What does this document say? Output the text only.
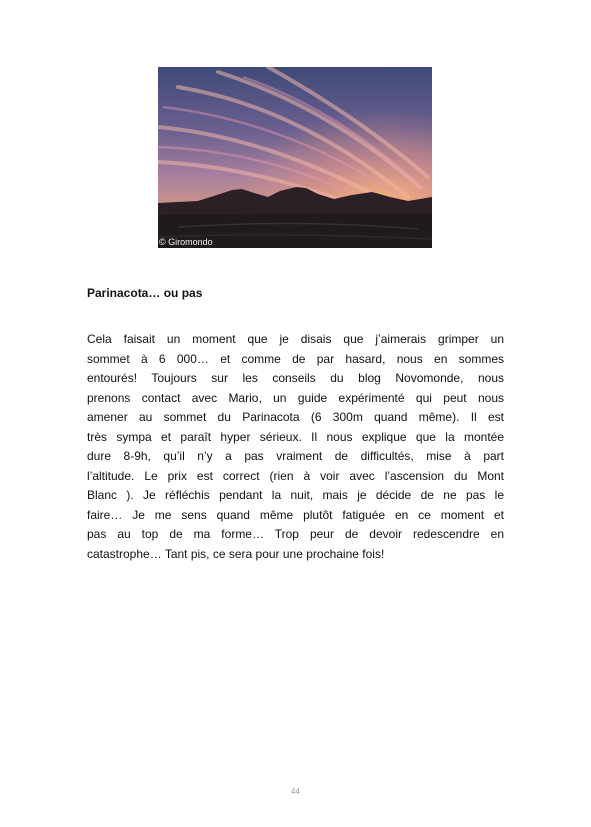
© Giromondo
Parinacota… ou pas
Cela faisait un moment que je disais que j’aimerais grimper un
sommet à 6 000… et comme de par hasard, nous en sommes
entourés! Toujours sur les conseils du blog Novomonde, nous
prenons contact avec Mario, un guide expérimenté qui peut nous
amener au sommet du Parinacota (6 300m quand même). Il est
très sympa et paraît hyper sérieux. Il nous explique que la montée
dure 8-9h, qu’il n’y a pas vraiment de difficultés, mise à part
l’altitude. Le prix est correct (rien à voir avec l’ascension du Mont
Blanc ). Je réfléchis pendant la nuit, mais je décide de ne pas le
faire… Je me sens quand même plutôt fatiguée en ce moment et
pas au top de ma forme… Trop peur de devoir redescendre en
catastrophe… Tant pis, ce sera pour une prochaine fois!
44
